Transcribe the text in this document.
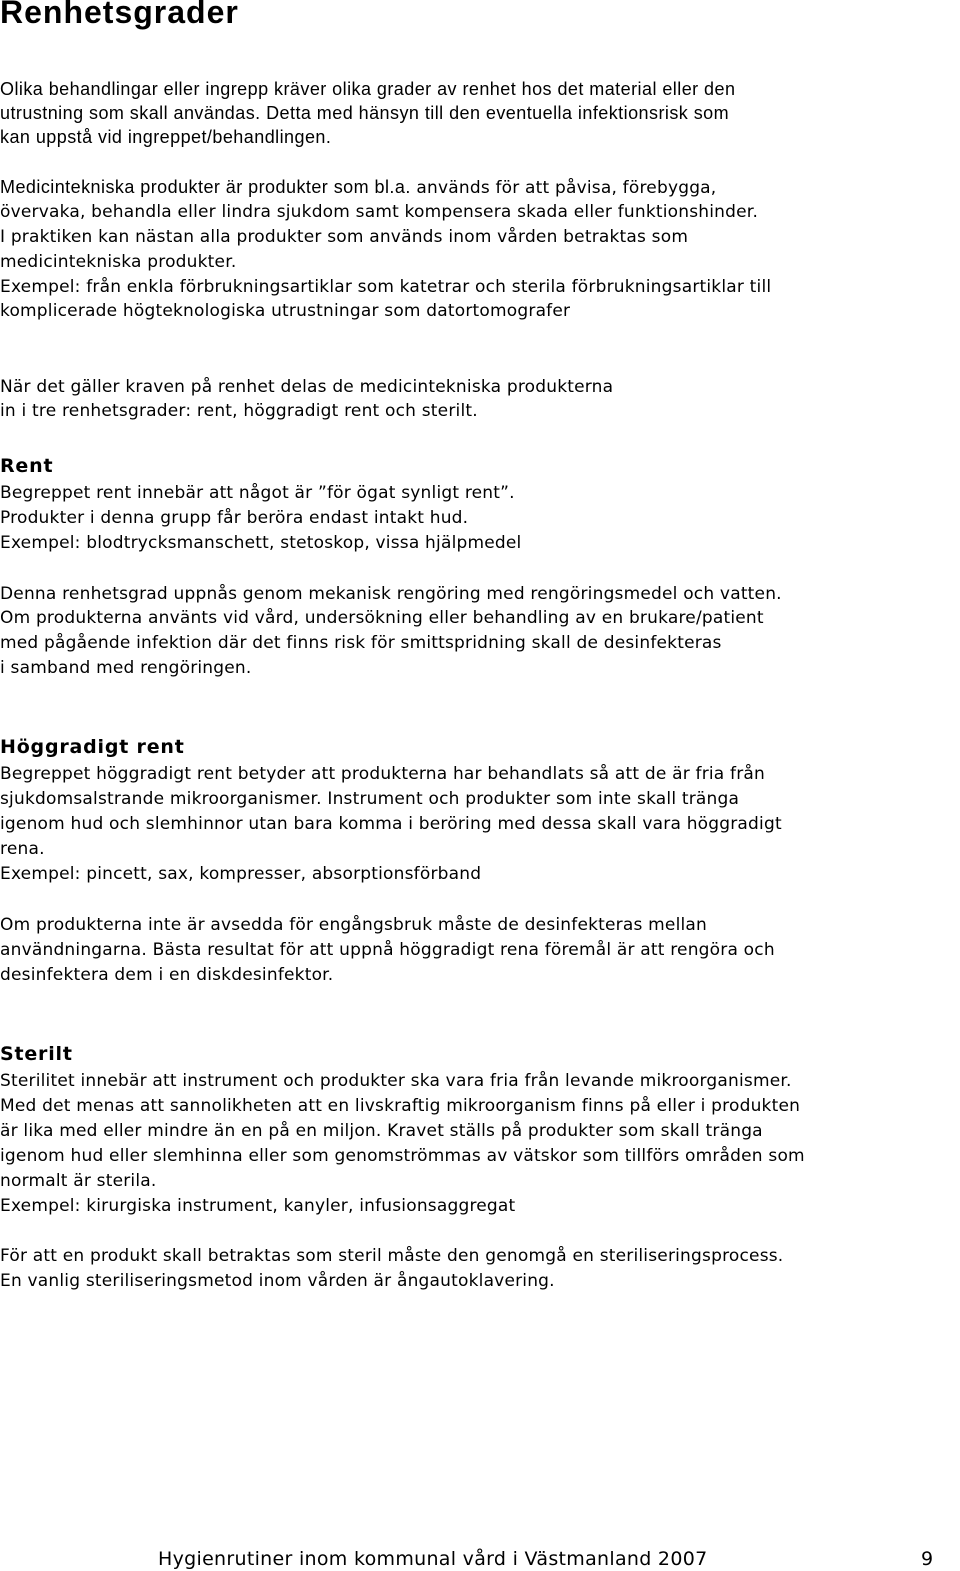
Renhetsgrader

Olika behandlingar eller ingrepp kräver olika grader av renhet hos det material eller den

utrustning som skall användas. Detta med hänsyn till den eventuella infektionsrisk som

kan uppstå vid ingreppet/behandlingen.

Medicintekniska produkter är produkter som bl.a. används för att påvisa, förebygga,

övervaka, behandla eller lindra sjukdom samt kompensera skada eller funktionshinder.

I praktiken kan nästan alla produkter som används inom vården betraktas som

medicintekniska produkter.

Exempel: från enkla förbrukningsartiklar som katetrar och sterila förbrukningsartiklar till

komplicerade högteknologiska utrustningar som datortomografer

När det gäller kraven på renhet delas de medicintekniska produkterna

in i tre renhetsgrader: rent, höggradigt rent och sterilt.

Rent

Begreppet rent innebär att något är ”för ögat synligt rent”.

Produkter i denna grupp får beröra endast intakt hud.

Exempel: blodtrycksmanschett, stetoskop, vissa hjälpmedel

Denna renhetsgrad uppnås genom mekanisk rengöring med rengöringsmedel och vatten.

Om produkterna använts vid vård, undersökning eller behandling av en brukare/patient

med pågående infektion där det finns risk för smittspridning skall de desinfekteras

i samband med rengöringen.

Höggradigt rent

Begreppet höggradigt rent betyder att produkterna har behandlats så att de är fria från

sjukdomsalstrande mikroorganismer. Instrument och produkter som inte skall tränga

igenom hud och slemhinnor utan bara komma i beröring med dessa skall vara höggradigt

rena.

Exempel: pincett, sax, kompresser, absorptionsförband

Om produkterna inte är avsedda för engångsbruk måste de desinfekteras mellan

användningarna. Bästa resultat för att uppnå höggradigt rena föremål är att rengöra och

desinfektera dem i en diskdesinfektor.

Sterilt

Sterilitet innebär att instrument och produkter ska vara fria från levande mikroorganismer.

Med det menas att sannolikheten att en livskraftig mikroorganism finns på eller i produkten

är lika med eller mindre än en på en miljon. Kravet ställs på produkter som skall tränga

igenom hud eller slemhinna eller som genomströmmas av vätskor som tillförs områden som

normalt är sterila.

Exempel: kirurgiska instrument, kanyler, infusionsaggregat

För att en produkt skall betraktas som steril måste den genomgå en steriliseringsprocess.

En vanlig steriliseringsmetod inom vården är ångautoklavering.

Hygienrutiner inom kommunal vård i Västmanland 2007	9
